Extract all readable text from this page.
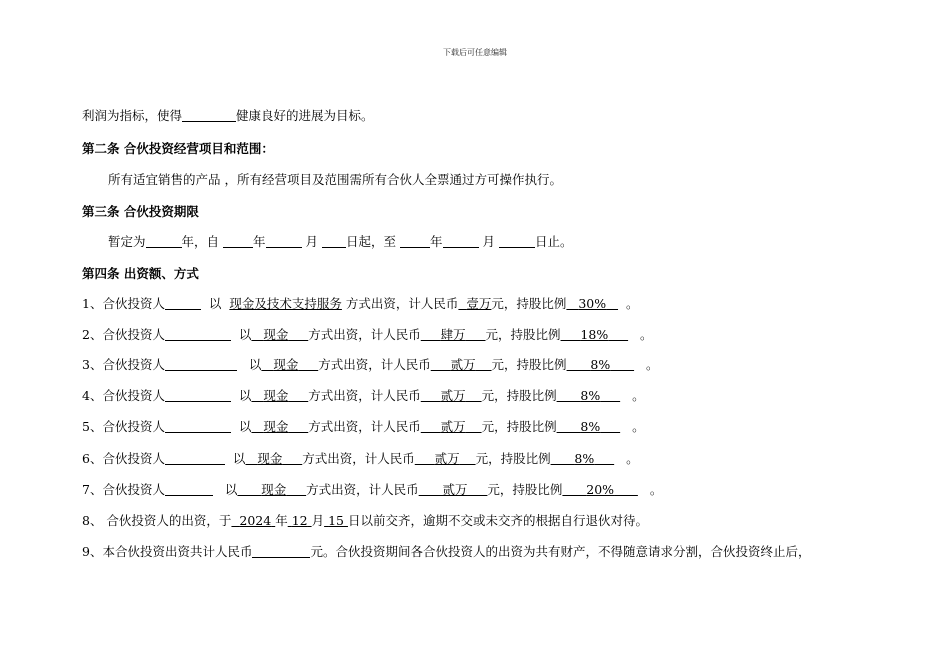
下载后可任意编辑
利润为指标，使得	健康良好的进展为目标。
第二条 合伙投资经营项目和范围：
所有适宜销售的产品 ，所有经营项目及范围需所有合伙人全票通过方可操作执行。
第三条 合伙投资期限
暂定为	年，自	年	月 日起，至	年	月	日止。
第四条 出资额、方式
1、合伙投资人	以 现金及技术支持服务 方式出资，计人民币 壹万元，持股比例 30% 。
2、合伙投资人	以 现金 方式出资，计人民币 肆万 元，持股比例 18%	。
3、合伙投资人	以 现金 方式出资，计人民币 贰万 元，持股比例 8%	。
4、合伙投资人	以 现金 方式出资，计人民币 贰万 元，持股比例 8%	。
5、合伙投资人	以 现金 方式出资，计人民币 贰万 元，持股比例 8%	。
6、合伙投资人	以 现金 方式出资，计人民币 贰万 元，持股比例 8%	。
7、合伙投资人	以 现金 方式出资，计人民币 贰万 元，持股比例 20%	。
8、 合伙投资人的出资，于 2024 年 12 月 15 日以前交齐，逾期不交或未交齐的根据自行退伙对待。
9、本合伙投资出资共计人民币	元。合伙投资期间各合伙投资人的出资为共有财产，不得随意请求分割，合伙投资终止后，
